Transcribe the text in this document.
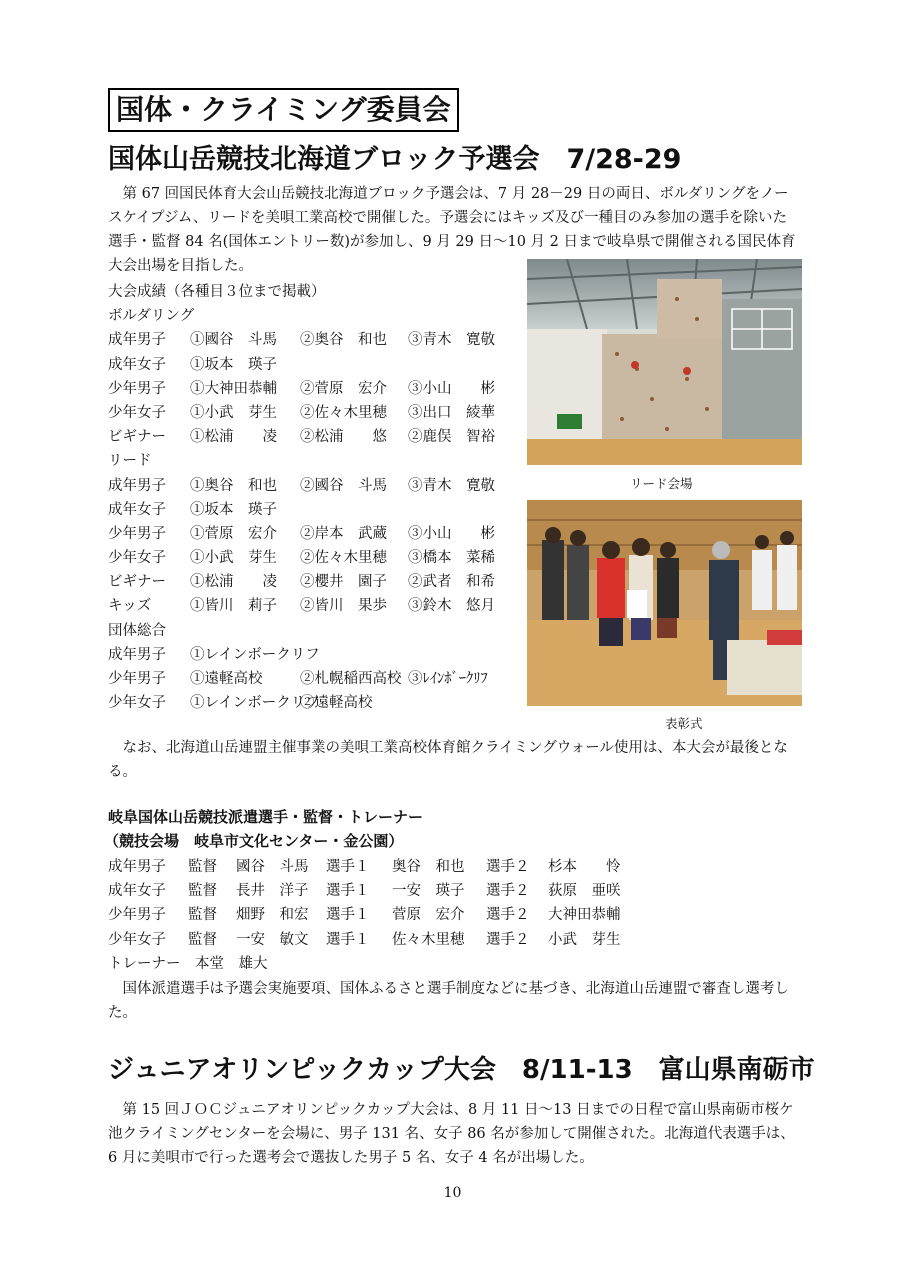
国体・クライミング委員会
国体山岳競技北海道ブロック予選会　7/28-29

第 67 回国民体育大会山岳競技北海道ブロック予選会は、7 月 28－29 日の両日、ボルダリングをノースケイプジム、リードを美唄工業高校で開催した。予選会にはキッズ及び一種目のみ参加の選手を除いた選手・監督 84 名(国体エントリー数)が参加し、9 月 29 日～10 月 2 日まで岐阜県で開催される国民体育大会出場を目指した。

大会成績（各種目３位まで掲載）
ボルダリング
成年男子 ①國谷　斗馬 ②奥谷　和也 ③青木　寛敬
成年女子 ①坂本　瑛子
少年男子 ①大神田恭輔 ②菅原　宏介 ③小山　　彬
少年女子 ①小武　芽生 ②佐々木里穂 ③出口　綾華
ビギナー ①松浦　　凌 ②松浦　　悠 ②鹿俣　智裕
リード
成年男子 ①奥谷　和也 ②國谷　斗馬 ③青木　寛敬
成年女子 ①坂本　瑛子
少年男子 ①菅原　宏介 ②岸本　武蔵 ③小山　　彬
少年女子 ①小武　芽生 ②佐々木里穂 ③橋本　菜稀
ビギナー ①松浦　　凌 ②櫻井　園子 ②武者　和希
キッズ	①皆川　莉子 ②皆川　果歩 ③鈴木　悠月
団体総合
成年男子 ①レインボークリフ
少年男子 ①遠軽高校	②札幌稲西高校 ③ﾚｲﾝﾎﾞｰｸﾘﾌ
少年女子 ①レインボークリフ
②遠軽高校
リード会場
表彰式

なお、北海道山岳連盟主催事業の美唄工業高校体育館クライミングウォール使用は、本大会が最後となる。

岐阜国体山岳競技派遣選手・監督・トレーナー
（競技会場　岐阜市文化センター・金公園）
成年男子 監督 國谷　斗馬 選手１ 奥谷　和也 選手２ 杉本　　怜
成年女子 監督 長井　洋子 選手１ 一安　瑛子 選手２ 荻原　亜咲
少年男子 監督 畑野　和宏 選手１ 菅原　宏介 選手２ 大神田恭輔
少年女子 監督 一安　敏文 選手１ 佐々木里穂 選手２ 小武　芽生
トレーナー　本堂　雄大

国体派遣選手は予選会実施要項、国体ふるさと選手制度などに基づき、北海道山岳連盟で審査し選考した。

ジュニアオリンピックカップ大会　8/11-13　富山県南砺市

第 15 回ＪＯＣジュニアオリンピックカップ大会は、8 月 11 日～13 日までの日程で富山県南砺市桜ケ池クライミングセンターを会場に、男子 131 名、女子 86 名が参加して開催された。北海道代表選手は、6 月に美唄市で行った選考会で選抜した男子 5 名、女子 4 名が出場した。

10
